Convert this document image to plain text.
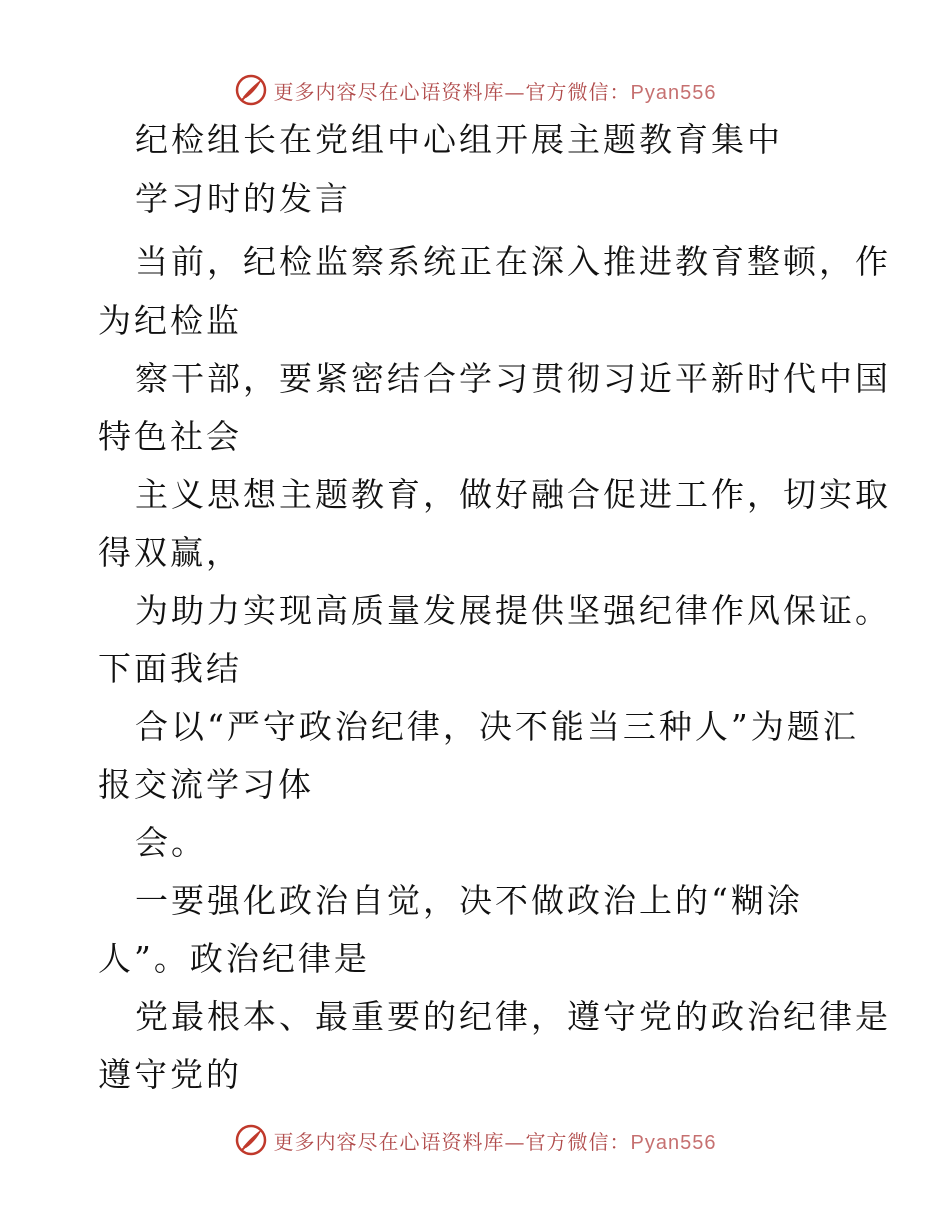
更多内容尽在心语资料库—官方微信：Pyan556
纪检组长在党组中心组开展主题教育集中
学习时的发言
当前，纪检监察系统正在深入推进教育整顿，作
为纪检监
察干部，要紧密结合学习贯彻习近平新时代中国
特色社会
主义思想主题教育，做好融合促进工作，切实取
得双赢，
为助力实现高质量发展提供坚强纪律作风保证。
下面我结
合以“严守政治纪律，决不能当三种人”为题汇
报交流学习体
会。
一要强化政治自觉，决不做政治上的“糊涂
人”。政治纪律是
党最根本、最重要的纪律，遵守党的政治纪律是
遵守党的
更多内容尽在心语资料库—官方微信：Pyan556
